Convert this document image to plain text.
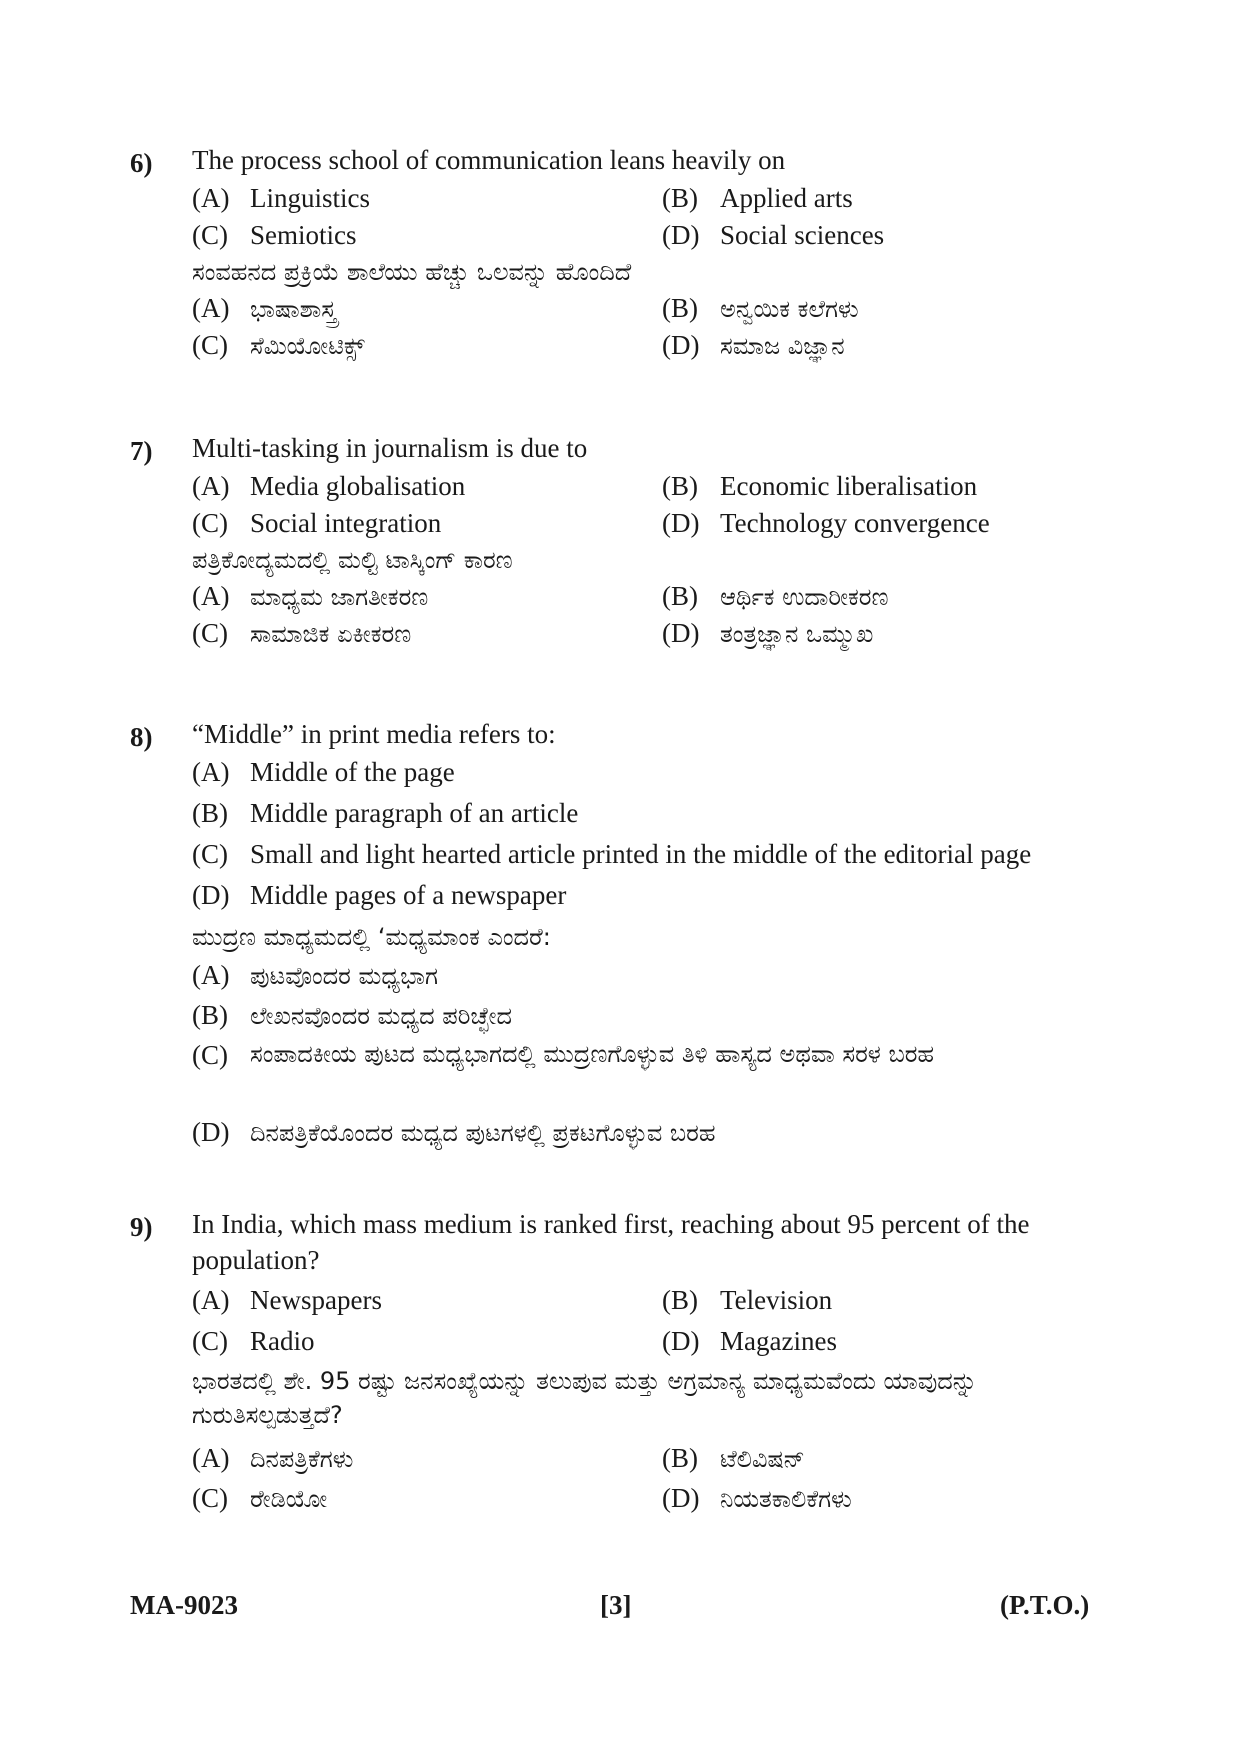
6) The process school of communication leans heavily on
(A) Linguistics	(B) Applied arts
(C) Semiotics	(D) Social sciences
ಸಂವಹನದ ಪ್ರಕ್ರಿಯೆ ಶಾಲೆಯು ಹೆಚ್ಚು ಒಲವನ್ನು ಹೊಂದಿದೆ
(A) ಭಾಷಾಶಾಸ್ತ್ರ	(B) ಅನ್ವಯಿಕ ಕಲೆಗಳು
(C) ಸೆಮಿಯೋಟಿಕ್ಸ್	(D) ಸಮಾಜ ವಿಜ್ಞಾನ
7) Multi-tasking in journalism is due to
(A) Media globalisation	(B) Economic liberalisation
(C) Social integration	(D) Technology convergence
ಪತ್ರಿಕೋದ್ಯಮದಲ್ಲಿ ಮಲ್ಟಿ ಟಾಸ್ಕಿಂಗ್ ಕಾರಣ
(A) ಮಾಧ್ಯಮ ಜಾಗತೀಕರಣ	(B) ಆರ್ಥಿಕ ಉದಾರೀಕರಣ
(C) ಸಾಮಾಜಿಕ ಏಕೀಕರಣ	(D) ತಂತ್ರಜ್ಞಾನ ಒಮ್ಮುಖ
8) “Middle” in print media refers to:
(A) Middle of the page
(B) Middle paragraph of an article
(C) Small and light hearted article printed in the middle of the editorial page
(D) Middle pages of a newspaper
ಮುದ್ರಣ ಮಾಧ್ಯಮದಲ್ಲಿ ‘ಮಧ್ಯಮಾಂಕ ಎಂದರೆ:
(A) ಪುಟವೊಂದರ ಮಧ್ಯಭಾಗ
(B) ಲೇಖನವೊಂದರ ಮಧ್ಯದ ಪರಿಚ್ಛೇದ
(C) ಸಂಪಾದಕೀಯ ಪುಟದ ಮಧ್ಯಭಾಗದಲ್ಲಿ ಮುದ್ರಣಗೊಳ್ಳುವ ತಿಳಿ ಹಾಸ್ಯದ ಅಥವಾ ಸರಳ ಬರಹ
(D) ದಿನಪತ್ರಿಕೆಯೊಂದರ ಮಧ್ಯದ ಪುಟಗಳಲ್ಲಿ ಪ್ರಕಟಗೊಳ್ಳುವ ಬರಹ
9) In India, which mass medium is ranked first, reaching about 95 percent of the population?
(A) Newspapers	(B) Television
(C) Radio	(D) Magazines
ಭಾರತದಲ್ಲಿ ಶೇ. 95 ರಷ್ಟು ಜನಸಂಖ್ಯೆಯನ್ನು ತಲುಪುವ ಮತ್ತು ಅಗ್ರಮಾನ್ಯ ಮಾಧ್ಯಮವೆಂದು ಯಾವುದನ್ನು ಗುರುತಿಸಲ್ಪಡುತ್ತದೆ?
(A) ದಿನಪತ್ರಿಕೆಗಳು	(B) ಟೆಲಿವಿಷನ್
(C) ರೇಡಿಯೋ	(D) ನಿಯತಕಾಲಿಕೆಗಳು
MA-9023	[3]	(P.T.O.)
